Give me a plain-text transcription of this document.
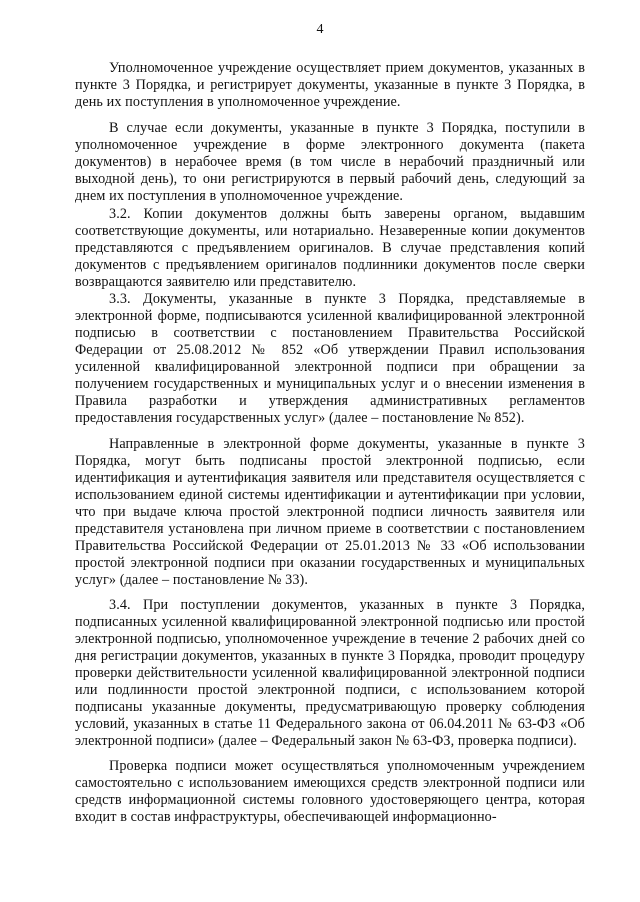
4

Уполномоченное учреждение осуществляет прием документов, указанных в пункте 3 Порядка, и регистрирует документы, указанные в пункте 3 Порядка, в день их поступления в уполномоченное учреждение.

В случае если документы, указанные в пункте 3 Порядка, поступили в уполномоченное учреждение в форме электронного документа (пакета документов) в нерабочее время (в том числе в нерабочий праздничный или выходной день), то они регистрируются в первый рабочий день, следующий за днем их поступления в уполномоченное учреждение.

3.2. Копии документов должны быть заверены органом, выдавшим соответствующие документы, или нотариально. Незаверенные копии документов представляются с предъявлением оригиналов. В случае представления копий документов с предъявлением оригиналов подлинники документов после сверки возвращаются заявителю или представителю.

3.3. Документы, указанные в пункте 3 Порядка, представляемые в электронной форме, подписываются усиленной квалифицированной электронной подписью в соответствии с постановлением Правительства Российской Федерации от 25.08.2012 № 852 «Об утверждении Правил использования усиленной квалифицированной электронной подписи при обращении за получением государственных и муниципальных услуг и о внесении изменения в Правила разработки и утверждения административных регламентов предоставления государственных услуг» (далее – постановление № 852).

Направленные в электронной форме документы, указанные в пункте 3 Порядка, могут быть подписаны простой электронной подписью, если идентификация и аутентификация заявителя или представителя осуществляется с использованием единой системы идентификации и аутентификации при условии, что при выдаче ключа простой электронной подписи личность заявителя или представителя установлена при личном приеме в соответствии с постановлением Правительства Российской Федерации от 25.01.2013 № 33 «Об использовании простой электронной подписи при оказании государственных и муниципальных услуг» (далее – постановление № 33).

3.4. При поступлении документов, указанных в пункте 3 Порядка, подписанных усиленной квалифицированной электронной подписью или простой электронной подписью, уполномоченное учреждение в течение 2 рабочих дней со дня регистрации документов, указанных в пункте 3 Порядка, проводит процедуру проверки действительности усиленной квалифицированной электронной подписи или подлинности простой электронной подписи, с использованием которой подписаны указанные документы, предусматривающую проверку соблюдения условий, указанных в статье 11 Федерального закона от 06.04.2011 № 63-ФЗ «Об электронной подписи» (далее – Федеральный закон № 63-ФЗ, проверка подписи).

Проверка подписи может осуществляться уполномоченным учреждением самостоятельно с использованием имеющихся средств электронной подписи или средств информационной системы головного удостоверяющего центра, которая входит в состав инфраструктуры, обеспечивающей информационно-
